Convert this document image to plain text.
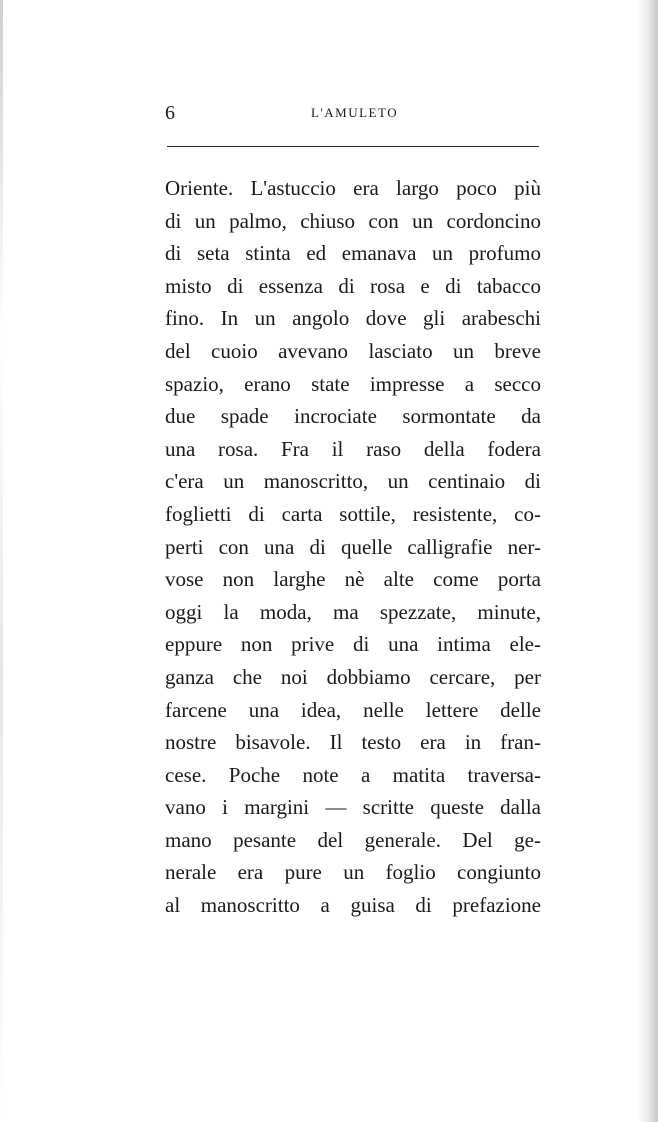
6	L'AMULETO
Oriente. L'astuccio era largo poco più
di un palmo, chiuso con un cordoncino
di seta stinta ed emanava un profumo
misto di essenza di rosa e di tabacco
fino. In un angolo dove gli arabeschi
del cuoio avevano lasciato un breve
spazio, erano state impresse a secco
due spade incrociate sormontate da
una rosa. Fra il raso della fodera
c'era un manoscritto, un centinaio di
foglietti di carta sottile, resistente, co-
perti con una di quelle calligrafie ner-
vose non larghe nè alte come porta
oggi la moda, ma spezzate, minute,
eppure non prive di una intima ele-
ganza che noi dobbiamo cercare, per
farcene una idea, nelle lettere delle
nostre bisavole. Il testo era in fran-
cese. Poche note a matita traversa-
vano i margini — scritte queste dalla
mano pesante del generale. Del ge-
nerale era pure un foglio congiunto
al manoscritto a guisa di prefazione
